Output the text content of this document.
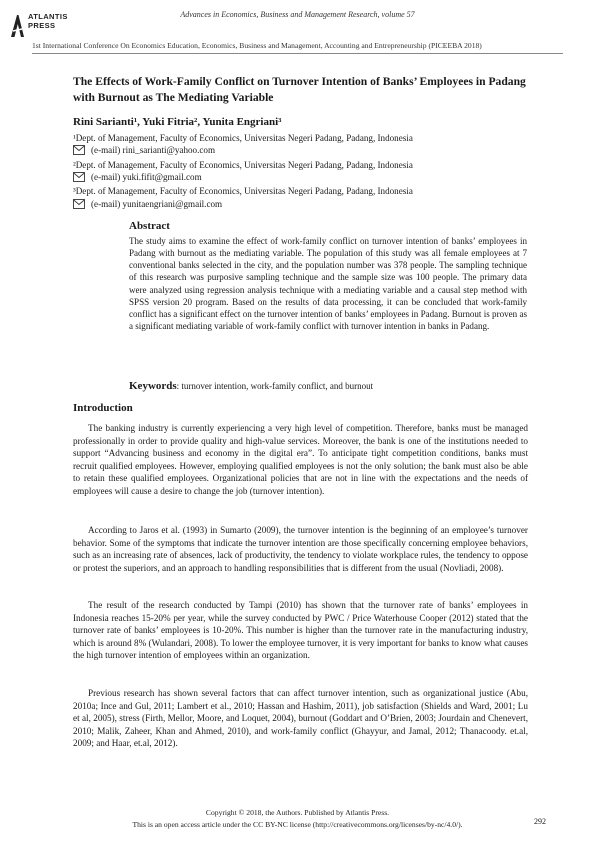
ATLANTIS
PRESS
Advances in Economics, Business and Management Research, volume 57
1st International Conference On Economics Education, Economics, Business and Management, Accounting and Entrepreneurship (PICEEBA 2018)
The Effects of Work-Family Conflict on Turnover Intention of Banks’ Employees in Padang with Burnout as The Mediating Variable
Rini Sarianti¹, Yuki Fitria², Yunita Engriani³
¹Dept. of Management, Faculty of Economics, Universitas Negeri Padang, Padang, Indonesia
(e-mail) rini_sarianti@yahoo.com
²Dept. of Management, Faculty of Economics, Universitas Negeri Padang, Padang, Indonesia
(e-mail) yuki.fifit@gmail.com
³Dept. of Management, Faculty of Economics, Universitas Negeri Padang, Padang, Indonesia
(e-mail) yunitaengriani@gmail.com
Abstract
The study aims to examine the effect of work-family conflict on turnover intention of banks’ employees in Padang with burnout as the mediating variable. The population of this study was all female employees at 7 conventional banks selected in the city, and the population number was 378 people. The sampling technique of this research was purposive sampling technique and the sample size was 100 people. The primary data were analyzed using regression analysis technique with a mediating variable and a causal step method with SPSS version 20 program. Based on the results of data processing, it can be concluded that work-family conflict has a significant effect on the turnover intention of banks’ employees in Padang. Burnout is proven as a significant mediating variable of work-family conflict with turnover intention in banks in Padang.
Keywords: turnover intention, work-family conflict, and burnout
Introduction
The banking industry is currently experiencing a very high level of competition. Therefore, banks must be managed professionally in order to provide quality and high-value services. Moreover, the bank is one of the institutions needed to support “Advancing business and economy in the digital era”. To anticipate tight competition conditions, banks must recruit qualified employees. However, employing qualified employees is not the only solution; the bank must also be able to retain these qualified employees. Organizational policies that are not in line with the expectations and the needs of employees will cause a desire to change the job (turnover intention).
According to Jaros et al. (1993) in Sumarto (2009), the turnover intention is the beginning of an employee’s turnover behavior. Some of the symptoms that indicate the turnover intention are those specifically concerning employee behaviors, such as an increasing rate of absences, lack of productivity, the tendency to violate workplace rules, the tendency to oppose or protest the superiors, and an approach to handling responsibilities that is different from the usual (Novliadi, 2008).
The result of the research conducted by Tampi (2010) has shown that the turnover rate of banks’ employees in Indonesia reaches 15-20% per year, while the survey conducted by PWC / Price Waterhouse Cooper (2012) stated that the turnover rate of banks’ employees is 10-20%. This number is higher than the turnover rate in the manufacturing industry, which is around 8% (Wulandari, 2008). To lower the employee turnover, it is very important for banks to know what causes the high turnover intention of employees within an organization.
Previous research has shown several factors that can affect turnover intention, such as organizational justice (Abu, 2010a; Ince and Gul, 2011; Lambert et al., 2010; Hassan and Hashim, 2011), job satisfaction (Shields and Ward, 2001; Lu et al, 2005), stress (Firth, Mellor, Moore, and Loquet, 2004), burnout (Goddart and O’Brien, 2003; Jourdain and Chenevert, 2010; Malik, Zaheer, Khan and Ahmed, 2010), and work-family conflict (Ghayyur, and Jamal, 2012; Thanacoody. et.al, 2009; and Haar, et.al, 2012).
Copyright © 2018, the Authors. Published by Atlantis Press.
This is an open access article under the CC BY-NC license (http://creativecommons.org/licenses/by-nc/4.0/).	292
